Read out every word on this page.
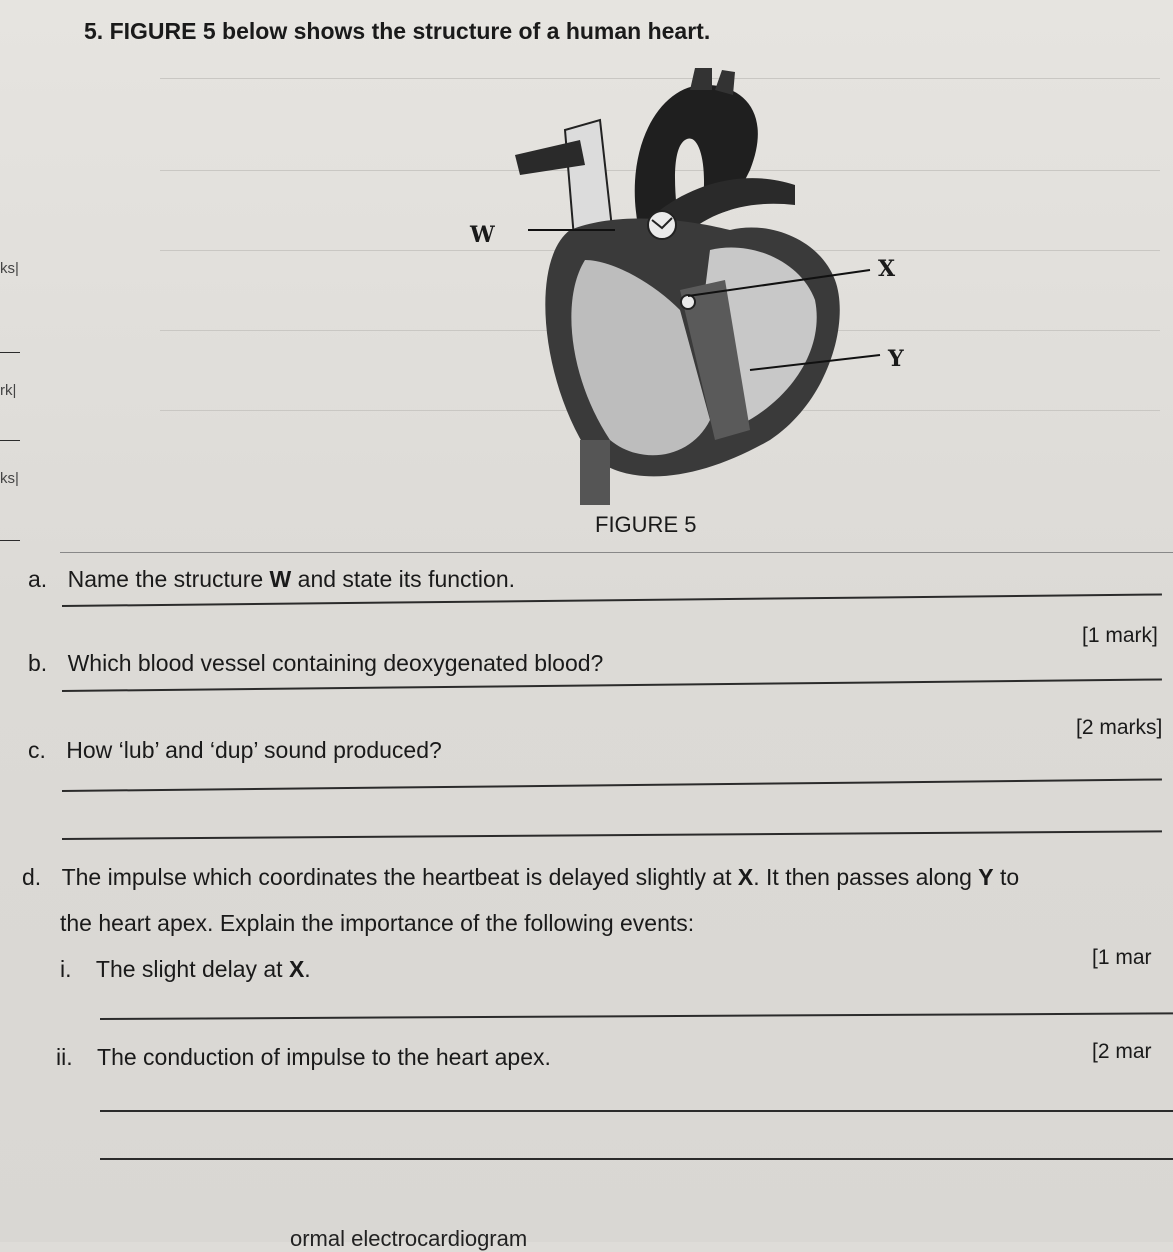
ks|
rk|
ks|
5. FIGURE 5 below shows the structure of a human heart.
W
X
Y
FIGURE 5
a. Name the structure W and state its function.
[1 mark]
b. Which blood vessel containing deoxygenated blood?
[2 marks]
c. How ‘lub’ and ‘dup’ sound produced?
d. The impulse which coordinates the heartbeat is delayed slightly at X. It then passes along Y to
the heart apex. Explain the importance of the following events:
i. The slight delay at X.	[1 mar
ii. The conduction of impulse to the heart apex.	[2 mar
ormal electrocardiogram
